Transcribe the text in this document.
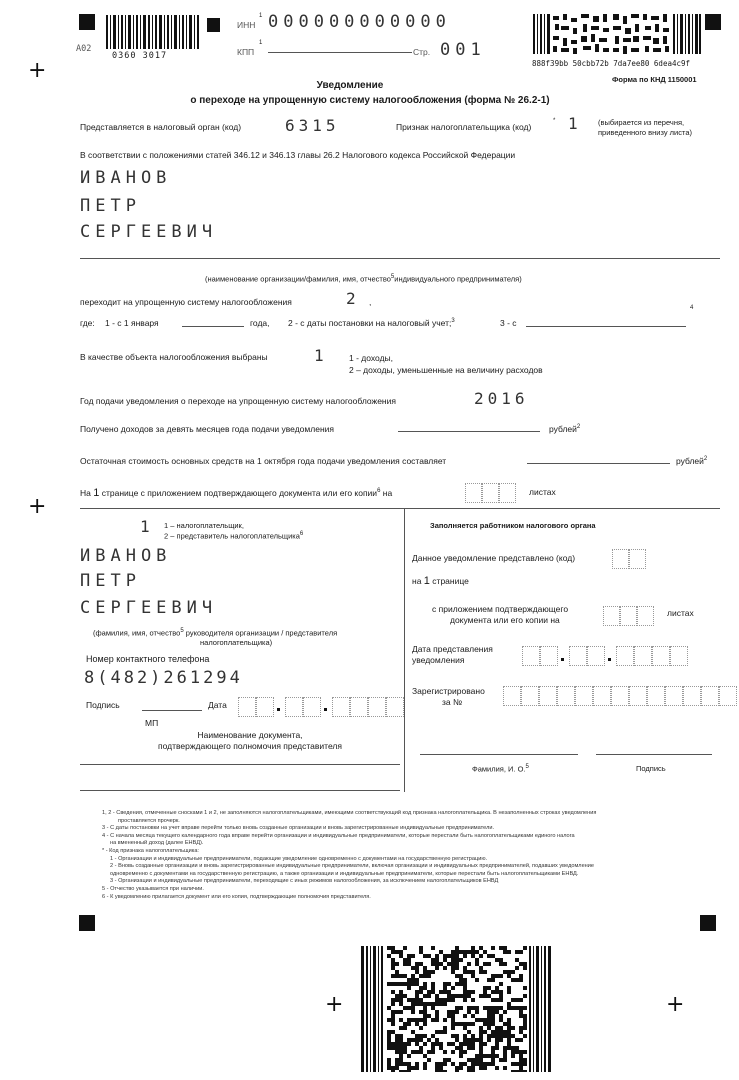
+
+
+	+
A02
0360 3017
ИНН
1 000000000000
КПП
1
Стр. 001
888f39bb 50cbb72b 7da7ee80 6dea4c9f
Форма по КНД 1150001
Уведомление
о переходе на упрощенную систему налогообложения (форма № 26.2-1)
Представляется в налоговый орган (код)	6315	Признак налогоплательщика (код)
* 1 (выбирается из перечня,
приведенного внизу листа)
В соответствии с положениями статей 346.12 и 346.13 главы 26.2 Налогового кодекса Российской Федерации
ИВАНОВ
ПЕТР
СЕРГЕЕВИЧ
(наименование организации/фамилия, имя, отчество$^5$индивидуального предпринимателя)
переходит на упрощенную систему налогообложения	2 ,
4
где: 1 - с 1 января	года, 2 - с даты постановки на налоговый учет;$^3$	3 - с
В качестве объекта налогообложения выбраны	1	1 - доходы,
2 – доходы, уменьшенные на величину расходов
Год подачи уведомления о переходе на упрощенную систему налогообложения	2016
Получено доходов за девять месяцев года подачи уведомления	рублей$^2$
Остаточная стоимость основных средств на 1 октября года подачи уведомления составляет	рублей$^2$
На 1 странице с приложением подтверждающего документа или его копии$^6$ на	листах
1 1 – налогоплательщик,
2 – представитель налогоплательщика$^6$
ИВАНОВ
ПЕТР
СЕРГЕЕВИЧ
(фамилия, имя, отчество$^5$ руководителя организации / представителя
налогоплательщика)
Номер контактного телефона
8(482)261294
Подпись	Дата
МП
Наименование документа,
подтверждающего полномочия представителя
Заполняется работником налогового органа
Данное уведомление представлено (код)
на 1 странице
с приложением подтверждающего
документа или его копии на
листах
Дата представления
уведомления
Зарегистрировано
за №
Фамилия, И. О.$^5$	Подпись
1, 2 - Сведения, отмеченные сносками 1 и 2, не заполняются налогоплательщиками, имеющими соответствующий код признака налогоплательщика. В незаполненных строках уведомления
проставляется прочерк.
3 - С даты постановки на учет вправе перейти только вновь созданные организации и вновь зарегистрированные индивидуальные предприниматели.
4 - С начала месяца текущего календарного года вправе перейти организации и индивидуальные предприниматели, которые перестали быть налогоплательщиками единого налога
на вмененный доход (далее ЕНВД).
* - Код признака налогоплательщика:
1 - Организации и индивидуальные предприниматели, подающие уведомление одновременно с документами на государственную регистрацию.
2 - Вновь созданные организации и вновь зарегистрированные индивидуальные предприниматели, включая организации и индивидуальных предпринимателей, подавших уведомление
одновременно с документами на государственную регистрацию, а также организации и индивидуальные предприниматели, которые перестали быть налогоплательщиками ЕНВД.
3 - Организации и индивидуальные предприниматели, переходящие с иных режимов налогообложения, за исключением налогоплательщиков ЕНВД
5 - Отчество указывается при наличии.
6 - К уведомлению прилагается документ или его копия, подтверждающие полномочия представителя.
